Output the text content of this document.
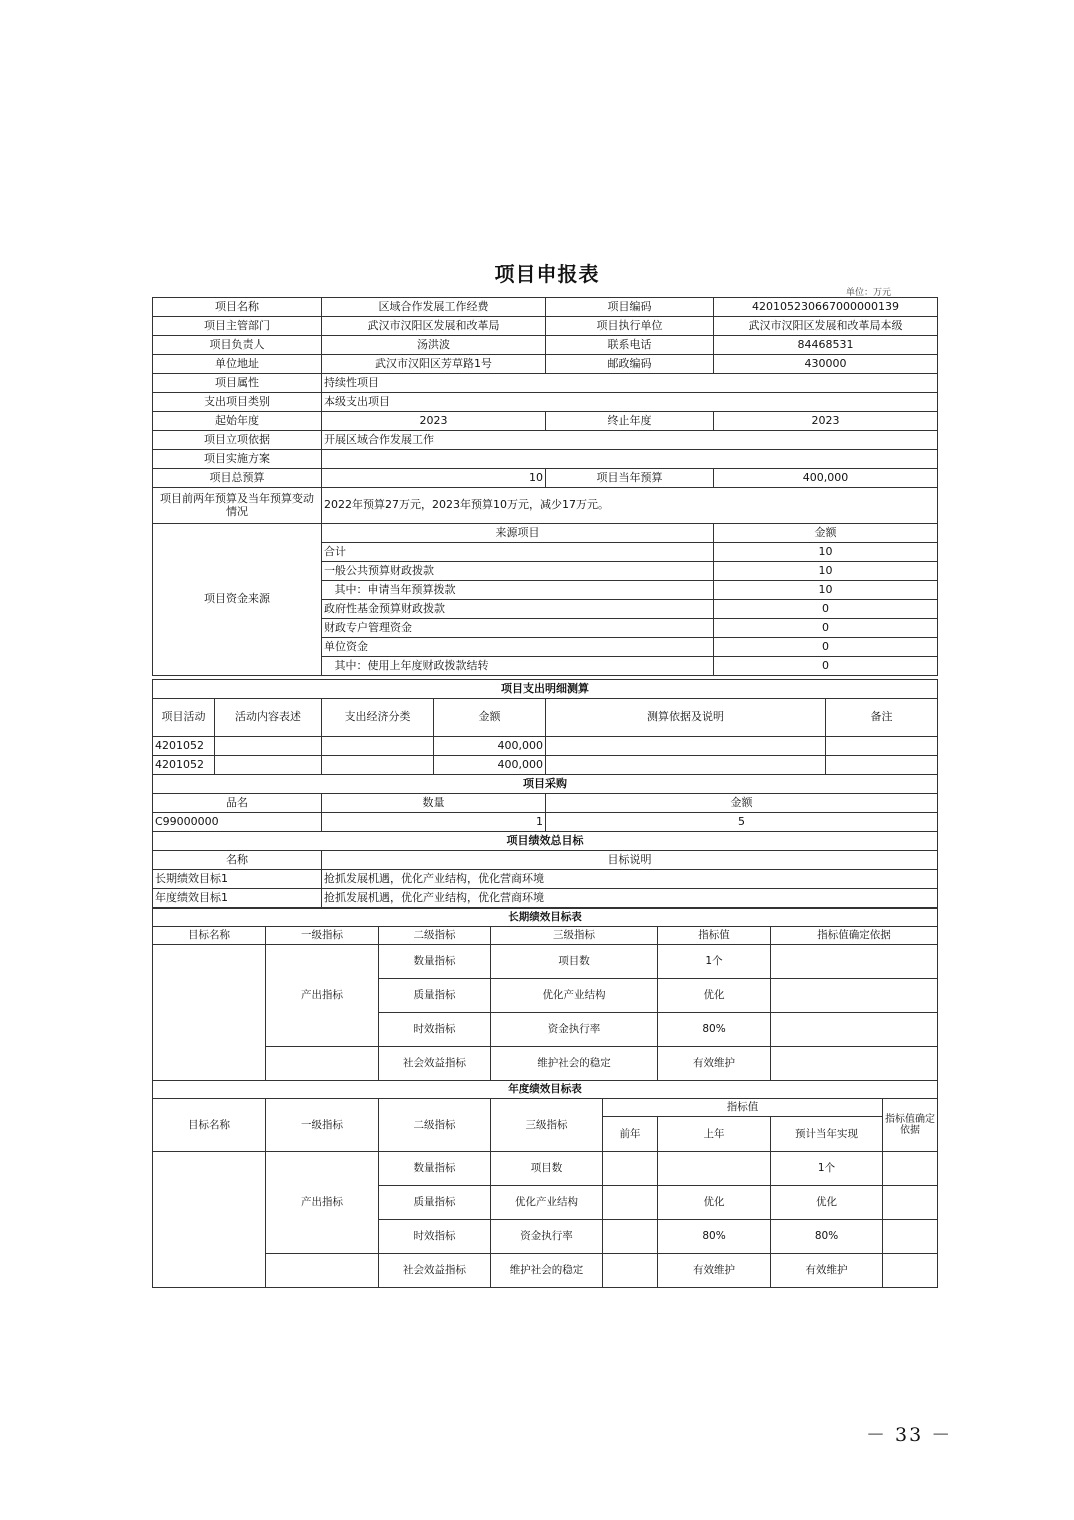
项目申报表
单位：万元
项目名称	区域合作发展工作经费	项目编码	420105230667000000139
项目主管部门	武汉市汉阳区发展和改革局	项目执行单位	武汉市汉阳区发展和改革局本级
项目负责人	汤洪波	联系电话	84468531
单位地址	武汉市汉阳区芳草路1号	邮政编码	430000
项目属性	持续性项目		
支出项目类别	本级支出项目		
起始年度	2023	终止年度	2023
项目立项依据	开展区域合作发展工作		
项目实施方案			
项目总预算	10	项目当年预算	400,000
项目前两年预算及当年预算变动情况	2022年预算27万元，2023年预算10万元，减少17万元。		
项目资金来源	来源项目		金额
	合计		10
	一般公共预算财政拨款		10
	其中：申请当年预算拨款		10
	政府性基金预算财政拨款		0
	财政专户管理资金		0
	单位资金		0
	其中：使用上年度财政拨款结转		0
项目支出明细测算					
项目活动	活动内容表述	支出经济分类	金额	测算依据及说明	备注
4201052			400,000		
4201052			400,000		
项目采购					
品名		数量		金额	
C99000000		1		5	
项目绩效总目标					
名称		目标说明			
长期绩效目标1		抢抓发展机遇，优化产业结构，优化营商环境			
年度绩效目标1		抢抓发展机遇，优化产业结构，优化营商环境			
长期绩效目标表					
目标名称	一级指标	二级指标	三级指标	指标值	指标值确定依据
	产出指标	数量指标	项目数	1个	
		质量指标	优化产业结构	优化	
		时效指标	资金执行率	80%	
		社会效益指标	维护社会的稳定	有效维护	
年度绩效目标表							
目标名称	一级指标	二级指标	三级指标	指标值			指标值确定依据
				前年	上年	预计当年实现	
	产出指标	数量指标	项目数			1个	
		质量指标	优化产业结构		优化	优化	
		时效指标	资金执行率		80%	80%	
		社会效益指标	维护社会的稳定		有效维护	有效维护	
－ 33 －
